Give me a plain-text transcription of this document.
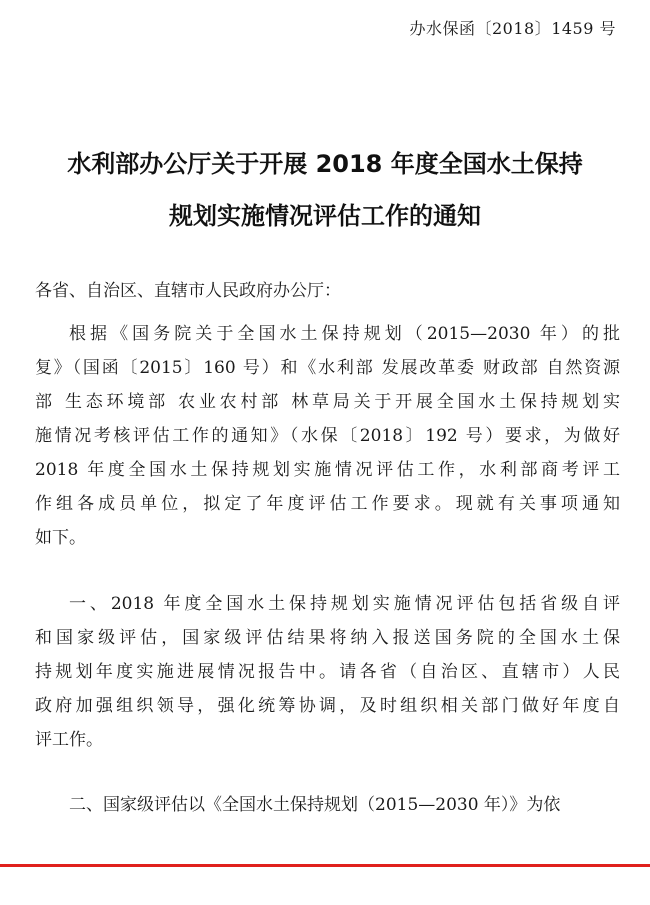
办水保函〔2018〕1459 号
水利部办公厅关于开展 2018 年度全国水土保持
规划实施情况评估工作的通知
各省、自治区、直辖市人民政府办公厅：
根据《国务院关于全国水土保持规划（2015—2030 年）的批
复》（国函〔2015〕160 号）和《水利部 发展改革委 财政部 自然资源
部 生态环境部 农业农村部 林草局关于开展全国水土保持规划实
施情况考核评估工作的通知》（水保〔2018〕192 号）要求，为做好
2018 年度全国水土保持规划实施情况评估工作，水利部商考评工
作组各成员单位，拟定了年度评估工作要求。现就有关事项通知
如下。
一、2018 年度全国水土保持规划实施情况评估包括省级自评
和国家级评估，国家级评估结果将纳入报送国务院的全国水土保
持规划年度实施进展情况报告中。请各省（自治区、直辖市）人民
政府加强组织领导，强化统筹协调，及时组织相关部门做好年度自
评工作。
二、国家级评估以《全国水土保持规划（2015—2030 年）》为依
